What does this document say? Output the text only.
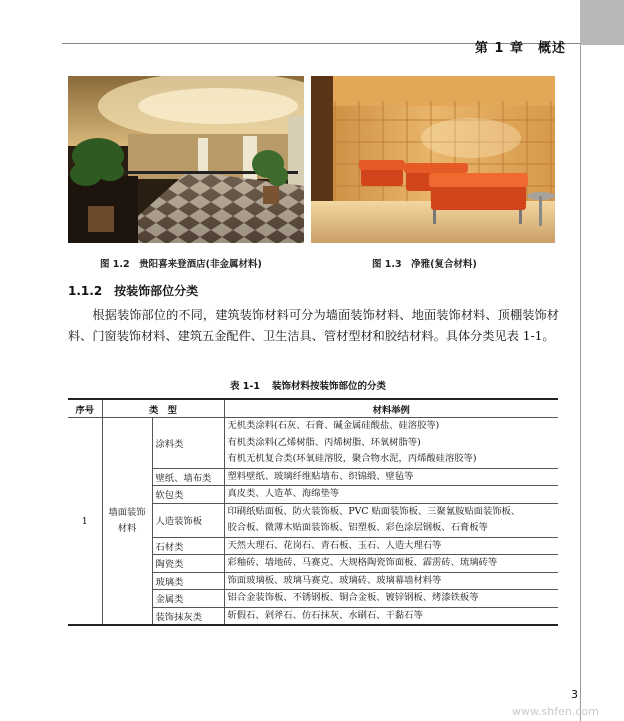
第 1 章　概述
图 1.2　贵阳喜来登酒店(非金属材料)	图 1.3　净雅(复合材料)
1.1.2 按装饰部位分类
根据装饰部位的不同，建筑装饰材料可分为墙面装饰材料、地面装饰材料、顶棚装饰材料、门窗装饰材料、建筑五金配件、卫生洁具、管材型材和胶结材料。具体分类见表 1-1。
表 1-1 装饰材料按装饰部位的分类
序号	类　型		材料举例
1	墙面装饰材料	涂料类	无机类涂料(石灰、石膏、碱金属硅酸盐、硅溶胶等)
有机类涂料(乙烯树脂、丙烯树脂、环氧树脂等)
有机无机复合类(环氧硅溶胶，聚合物水泥，丙烯酸硅溶胶等)

		壁纸、墙布类	塑料壁纸、玻璃纤维贴墙布、织锦缎、壁毡等
		软包类	真皮类、人造革、海绵垫等
		人造装饰板	印刷纸贴面板、防火装饰板、PVC 贴面装饰板、三聚氰胺贴面装饰板、
胶合板、微薄木贴面装饰板、铝塑板、彩色涂层钢板、石膏板等

		石材类	天然大理石、花岗石、青石板、玉石、人造大理石等
		陶瓷类	彩釉砖、墙地砖、马赛克、大规格陶瓷饰面板、霹雳砖、琉璃砖等
		玻璃类	饰面玻璃板、玻璃马赛克、玻璃砖、玻璃幕墙材料等
		金属类	铝合金装饰板、不锈钢板、铜合金板、镀锌钢板、烤漆铁板等
		装饰抹灰类	斩假石、剁斧石、仿石抹灰、水刷石、干黏石等
3
www.shfen.com
